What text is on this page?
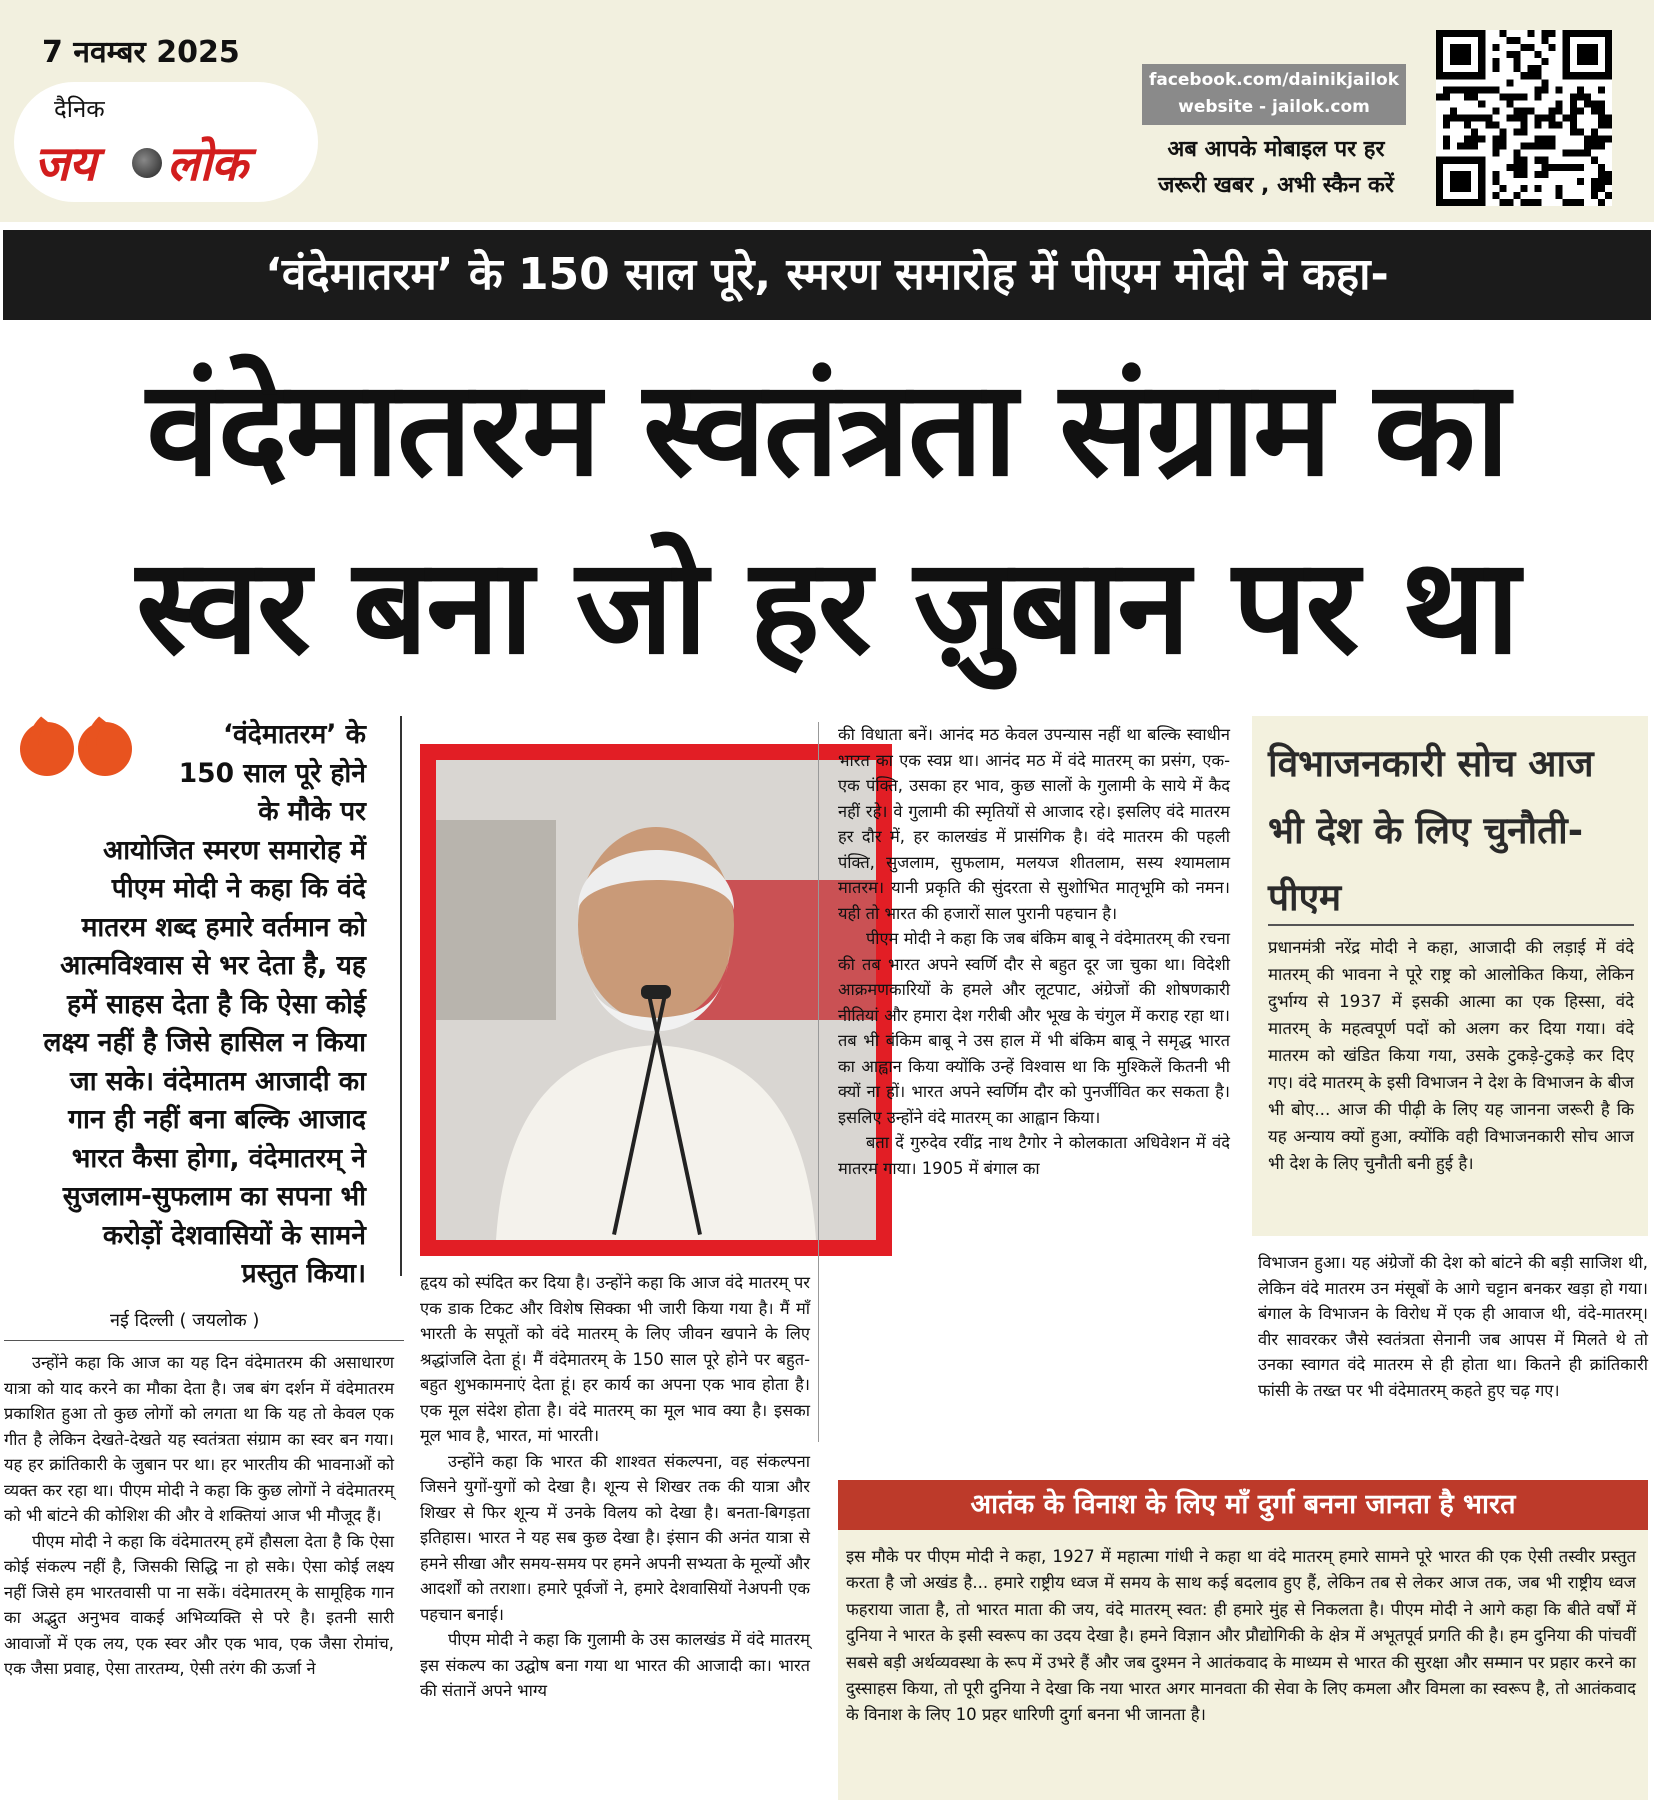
7 नवम्बर 2025
दैनिक
जय लोक
facebook.com/dainikjailok
website - jailok.com
अब आपके मोबाइल पर हर
जरूरी खबर , अभी स्कैन करें
‘वंदेमातरम’ के 150 साल पूरे, स्मरण समारोह में पीएम मोदी ने कहा-
वंदेमातरम स्वतंत्रता संग्राम का
स्वर बना जो हर ज़ुबान पर था
‘वंदेमातरम’ के
150 साल पूरे होने
के मौके पर
आयोजित स्मरण समारोह में
पीएम मोदी ने कहा कि वंदे
मातरम शब्द हमारे वर्तमान को
आत्मविश्वास से भर देता है, यह
हमें साहस देता है कि ऐसा कोई
लक्ष्य नहीं है जिसे हासिल न किया
जा सके। वंदेमातम आजादी का
गान ही नहीं बना बल्कि आजाद
भारत कैसा होगा, वंदेमातरम् ने
सुजलाम-सुफलाम का सपना भी
करोड़ों देशवासियों के सामने
प्रस्तुत किया।
नई दिल्ली ( जयलोक )

उन्होंने कहा कि आज का यह दिन वंदेमातरम की असाधारण यात्रा को याद करने का मौका देता है। जब बंग दर्शन में वंदेमातरम प्रकाशित हुआ तो कुछ लोगों को लगता था कि यह तो केवल एक गीत है लेकिन देखते-देखते यह स्वतंत्रता संग्राम का स्वर बन गया। यह हर क्रांतिकारी के जुबान पर था। हर भारतीय की भावनाओं को व्यक्त कर रहा था। पीएम मोदी ने कहा कि कुछ लोगों ने वंदेमातरम् को भी बांटने की कोशिश की और वे शक्तियां आज भी मौजूद हैं।

पीएम मोदी ने कहा कि वंदेमातरम् हमें हौसला देता है कि ऐसा कोई संकल्प नहीं है, जिसकी सिद्धि ना हो सके। ऐसा कोई लक्ष्य नहीं जिसे हम भारतवासी पा ना सकें। वंदेमातरम् के सामूहिक गान का अद्भुत अनुभव वाकई अभिव्यक्ति से परे है। इतनी सारी आवाजों में एक लय, एक स्वर और एक भाव, एक जैसा रोमांच, एक जैसा प्रवाह, ऐसा तारतम्य, ऐसी तरंग की ऊर्जा ने

हृदय को स्पंदित कर दिया है। उन्होंने कहा कि आज वंदे मातरम् पर एक डाक टिकट और विशेष सिक्का भी जारी किया गया है। मैं माँ भारती के सपूतों को वंदे मातरम् के लिए जीवन खपाने के लिए श्रद्धांजलि देता हूं। मैं वंदेमातरम् के 150 साल पूरे होने पर बहुत-बहुत शुभकामनाएं देता हूं। हर कार्य का अपना एक भाव होता है। एक मूल संदेश होता है। वंदे मातरम् का मूल भाव क्या है। इसका मूल भाव है, भारत, मां भारती।

उन्होंने कहा कि भारत की शाश्वत संकल्पना, वह संकल्पना जिसने युगों-युगों को देखा है। शून्य से शिखर तक की यात्रा और शिखर से फिर शून्य में उनके विलय को देखा है। बनता-बिगड़ता इतिहास। भारत ने यह सब कुछ देखा है। इंसान की अनंत यात्रा से हमने सीखा और समय-समय पर हमने अपनी सभ्यता के मूल्यों और आदर्शों को तराशा। हमारे पूर्वजों ने, हमारे देशवासियों नेअपनी एक पहचान बनाई।

पीएम मोदी ने कहा कि गुलामी के उस कालखंड में वंदे मातरम् इस संकल्प का उद्घोष बना गया था भारत की आजादी का। भारत की संतानें अपने भाग्य

की विधाता बनें। आनंद मठ केवल उपन्यास नहीं था बल्कि स्वाधीन भारत का एक स्वप्न था। आनंद मठ में वंदे मातरम् का प्रसंग, एक-एक पंक्ति, उसका हर भाव, कुछ सालों के गुलामी के साये में कैद नहीं रहे। वे गुलामी की स्मृतियों से आजाद रहे। इसलिए वंदे मातरम हर दौर में, हर कालखंड में प्रासंगिक है। वंदे मातरम की पहली पंक्ति, सुजलाम, सुफलाम, मलयज शीतलाम, सस्य श्यामलाम मातरम। यानी प्रकृति की सुंदरता से सुशोभित मातृभूमि को नमन। यही तो भारत की हजारों साल पुरानी पहचान है।

पीएम मोदी ने कहा कि जब बंकिम बाबू ने वंदेमातरम् की रचना की तब भारत अपने स्वर्णि दौर से बहुत दूर जा चुका था। विदेशी आक्रमणकारियों के हमले और लूटपाट, अंग्रेजों की शोषणकारी नीतियां और हमारा देश गरीबी और भूख के चंगुल में कराह रहा था। तब भी बंकिम बाबू ने उस हाल में भी बंकिम बाबू ने समृद्ध भारत का आह्वान किया क्योंकि उन्हें विश्वास था कि मुश्किलें कितनी भी क्यों ना हों। भारत अपने स्वर्णिम दौर को पुनर्जीवित कर सकता है। इसलिए उन्होंने वंदे मातरम् का आह्वान किया।

बता दें गुरुदेव रवींद्र नाथ टैगोर ने कोलकाता अधिवेशन में वंदे मातरम गाया। 1905 में बंगाल का

विभाजनकारी सोच आज भी देश के लिए चुनौती- पीएम
प्रधानमंत्री नरेंद्र मोदी ने कहा, आजादी की लड़ाई में वंदे मातरम् की भावना ने पूरे राष्ट्र को आलोकित किया, लेकिन दुर्भाग्य से 1937 में इसकी आत्मा का एक हिस्सा, वंदे मातरम् के महत्वपूर्ण पदों को अलग कर दिया गया। वंदे मातरम को खंडित किया गया, उसके टुकड़े-टुकड़े कर दिए गए। वंदे मातरम् के इसी विभाजन ने देश के विभाजन के बीज भी बोए... आज की पीढ़ी के लिए यह जानना जरूरी है कि यह अन्याय क्यों हुआ, क्योंकि वही विभाजनकारी सोच आज भी देश के लिए चुनौती बनी हुई है।

विभाजन हुआ। यह अंग्रेजों की देश को बांटने की बड़ी साजिश थी, लेकिन वंदे मातरम उन मंसूबों के आगे चट्टान बनकर खड़ा हो गया। बंगाल के विभाजन के विरोध में एक ही आवाज थी, वंदे-मातरम्। वीर सावरकर जैसे स्वतंत्रता सेनानी जब आपस में मिलते थे तो उनका स्वागत वंदे मातरम से ही होता था। कितने ही क्रांतिकारी फांसी के तख्त पर भी वंदेमातरम् कहते हुए चढ़ गए।

आतंक के विनाश के लिए माँ दुर्गा बनना जानता है भारत
इस मौके पर पीएम मोदी ने कहा, 1927 में महात्मा गांधी ने कहा था वंदे मातरम् हमारे सामने पूरे भारत की एक ऐसी तस्वीर प्रस्तुत करता है जो अखंड है... हमारे राष्ट्रीय ध्वज में समय के साथ कई बदलाव हुए हैं, लेकिन तब से लेकर आज तक, जब भी राष्ट्रीय ध्वज फहराया जाता है, तो भारत माता की जय, वंदे मातरम् स्वत: ही हमारे मुंह से निकलता है। पीएम मोदी ने आगे कहा कि बीते वर्षों में दुनिया ने भारत के इसी स्वरूप का उदय देखा है। हमने विज्ञान और प्रौद्योगिकी के क्षेत्र में अभूतपूर्व प्रगति की है। हम दुनिया की पांचवीं सबसे बड़ी अर्थव्यवस्था के रूप में उभरे हैं और जब दुश्मन ने आतंकवाद के माध्यम से भारत की सुरक्षा और सम्मान पर प्रहार करने का दुस्साहस किया, तो पूरी दुनिया ने देखा कि नया भारत अगर मानवता की सेवा के लिए कमला और विमला का स्वरूप है, तो आतंकवाद के विनाश के लिए 10 प्रहर धारिणी दुर्गा बनना भी जानता है।
